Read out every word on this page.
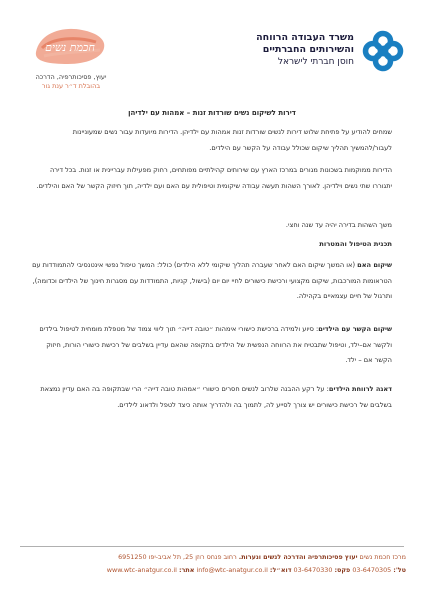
משרד העבודה הרווחה
והשירותים החברתיים
חוסן חברתי לישראל
חכמת נשים
יעוץ, פסיכותרפיה, הדרכה
בהובלת ד״ר ענת גור
דירות לשיקום נשים שורדות זנות – אמהות עם ילדיהן
שמחים להודיע על פתיחת שלוש דירות לנשים שורדות זנות אמהות עם ילדיהן. הדירות מיועדות עבור נשים שמעוניינות לעבור/להמשיך תהליך שיקום שכולל עבודה על הקשר עם הילדים.
הדירות ממוקמות בשכונות מגורים במרכז הארץ עם שירותים קהילתיים מפותחים, רחוק מפעילות עבריינית או זנות. בכל דירה יתגוררו שתי נשים וילדיהן. לאורך השהות תעשה עבודה שיקומית וטיפולית עם האם ועם ילדיה, תוך חיזוק הקשר של האם והילדים.
משך השהות בדירה יהיה עד שנה וחצי.
תכנית הטיפול והמטרות
שיקום האם (או המשך שיקום האם לאחר שעברה תהליך שיקומי ללא הילדים) כולל: המשך טיפול נפשי אינטנסיבי להתמודדות עם הטראומות המורכבות, שיקום מקצועי ורכישת כישורים לחיי יום יום (בישול, קניות, התמודדות עם מסגרות חינוך של הילדים וכדומה), ותרגול של חיים עצמאיים בקהילה.
שיקום הקשר עם הילדים: סיוע ולמידה ברכישת כישורי אימהות ״טובה דייה״ תוך ליווי צמוד של מטפלת מומחית לטיפול בילדים ולקשר אם–ילד, וטיפול שתבטיח את הרווחה הנפשית של הילדים בתקופה שהאם עדיין בשלבים של רכישת כישורי הורות, חיזוק הקשר אם – ילד.
דאגה לרווחת הילדים: על רקע ההבנה שלרוב לנשים חסרים כישורי ״אמהות טובה דייה״ הרי שבתקופה בה האם עדיין נמצאת בשלבים של רכישת כישורים יש צורך לסייע לה, לתמוך בה ולהדריך אותה כיצד לטפל ולדאוג לילדים.
מרכז חכמת נשים יעוץ פסיכותרפיה והדרכה לנשים ונערות. רחוב פנחס רוזן 25, תל אביב-יפו 6951250
טל': 03-6470305 פקס: 03-6470330 דוא״ל: info@wtc-anatgur.co.il אתר: www.wtc-anatgur.co.il
